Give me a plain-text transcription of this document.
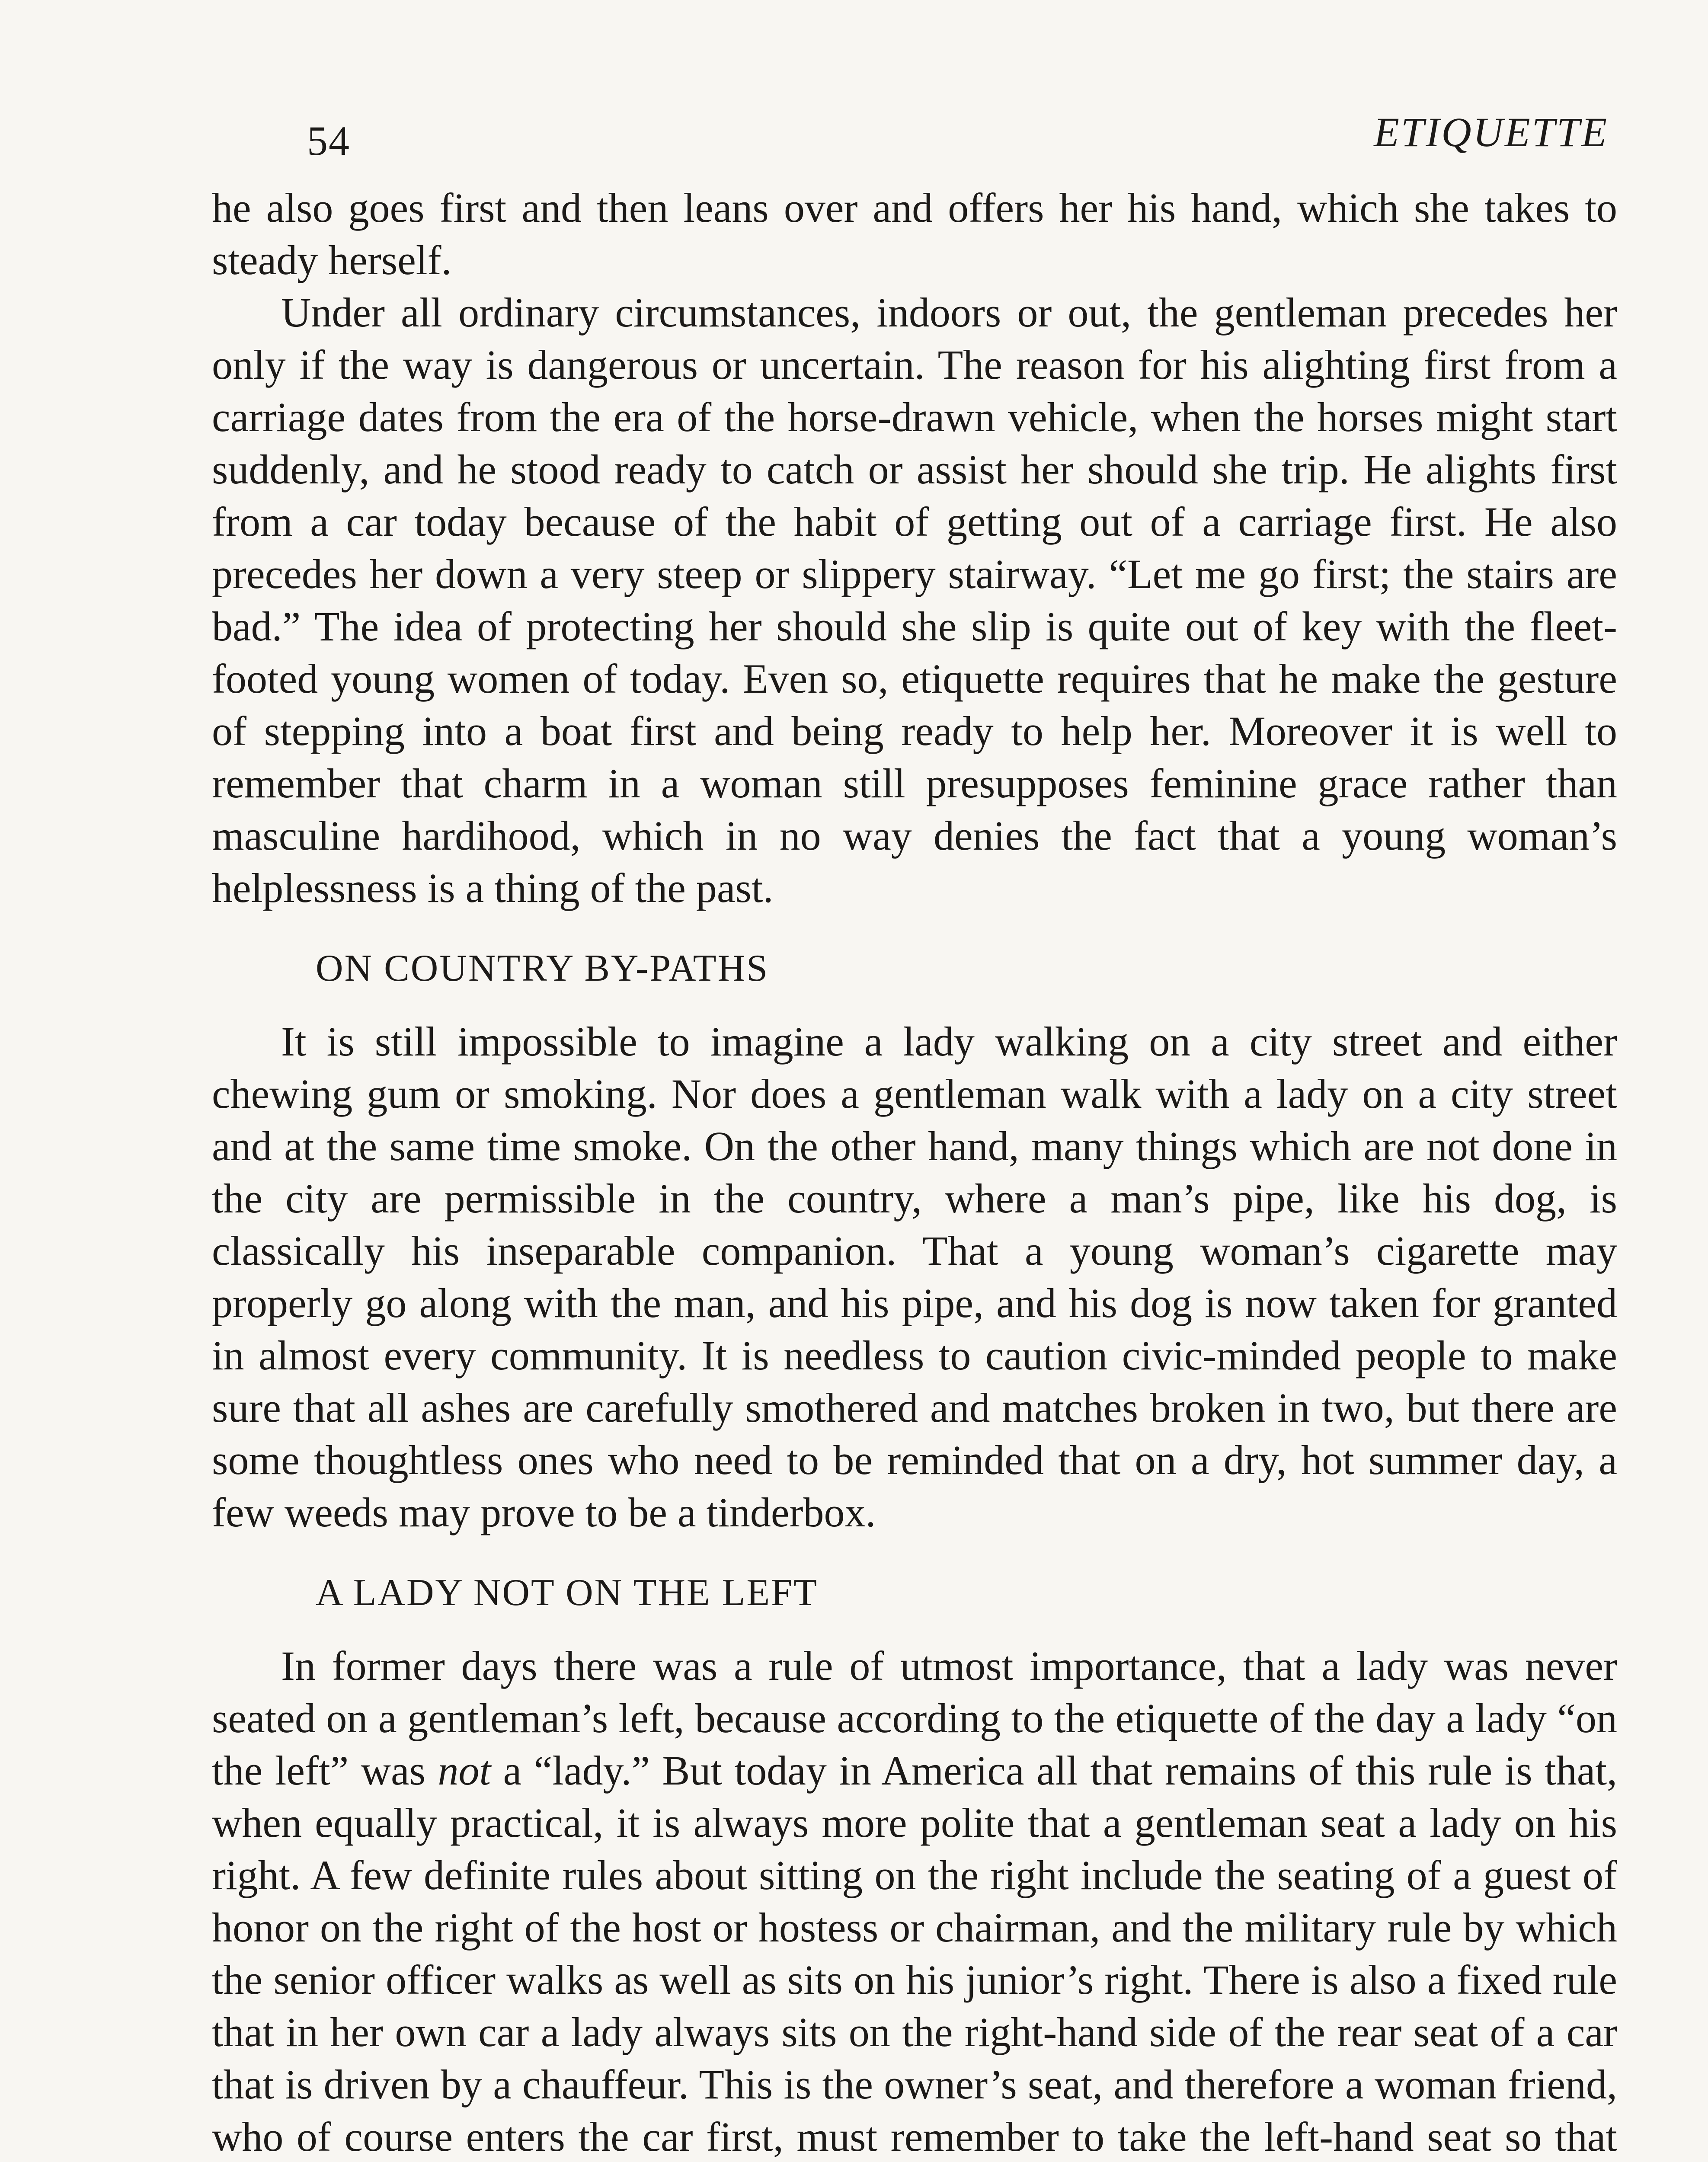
54	ETIQUETTE

he also goes first and then leans over and offers her his hand, which she takes to steady herself.

Under all ordinary circumstances, indoors or out, the gentleman precedes her only if the way is dangerous or uncertain. The reason for his alighting first from a carriage dates from the era of the horse-drawn vehicle, when the horses might start suddenly, and he stood ready to catch or assist her should she trip. He alights first from a car today because of the habit of getting out of a carriage first. He also precedes her down a very steep or slippery stairway. “Let me go first; the stairs are bad.” The idea of protecting her should she slip is quite out of key with the fleet-footed young women of today. Even so, etiquette requires that he make the gesture of stepping into a boat first and being ready to help her. Moreover it is well to remember that charm in a woman still presupposes feminine grace rather than masculine hardihood, which in no way denies the fact that a young woman’s helplessness is a thing of the past.

ON COUNTRY BY-PATHS

It is still impossible to imagine a lady walking on a city street and either chewing gum or smoking. Nor does a gentleman walk with a lady on a city street and at the same time smoke. On the other hand, many things which are not done in the city are permissible in the country, where a man’s pipe, like his dog, is classically his inseparable companion. That a young woman’s cigarette may properly go along with the man, and his pipe, and his dog is now taken for granted in almost every community. It is needless to caution civic-minded people to make sure that all ashes are carefully smothered and matches broken in two, but there are some thoughtless ones who need to be reminded that on a dry, hot summer day, a few weeds may prove to be a tinderbox.

A LADY NOT ON THE LEFT

In former days there was a rule of utmost importance, that a lady was never seated on a gentleman’s left, because according to the etiquette of the day a lady “on the left” was not a “lady.” But today in America all that remains of this rule is that, when equally practical, it is always more polite that a gentleman seat a lady on his right. A few definite rules about sitting on the right include the seating of a guest of honor on the right of the host or hostess or chairman, and the military rule by which the senior officer walks as well as sits on his junior’s right. There is also a fixed rule that in her own car a lady always sits on the right-hand side of the rear seat of a car that is driven by a chauffeur. This is the owner’s seat, and therefore a woman friend, who of course enters the car first, must remember to take the left-hand seat so that
